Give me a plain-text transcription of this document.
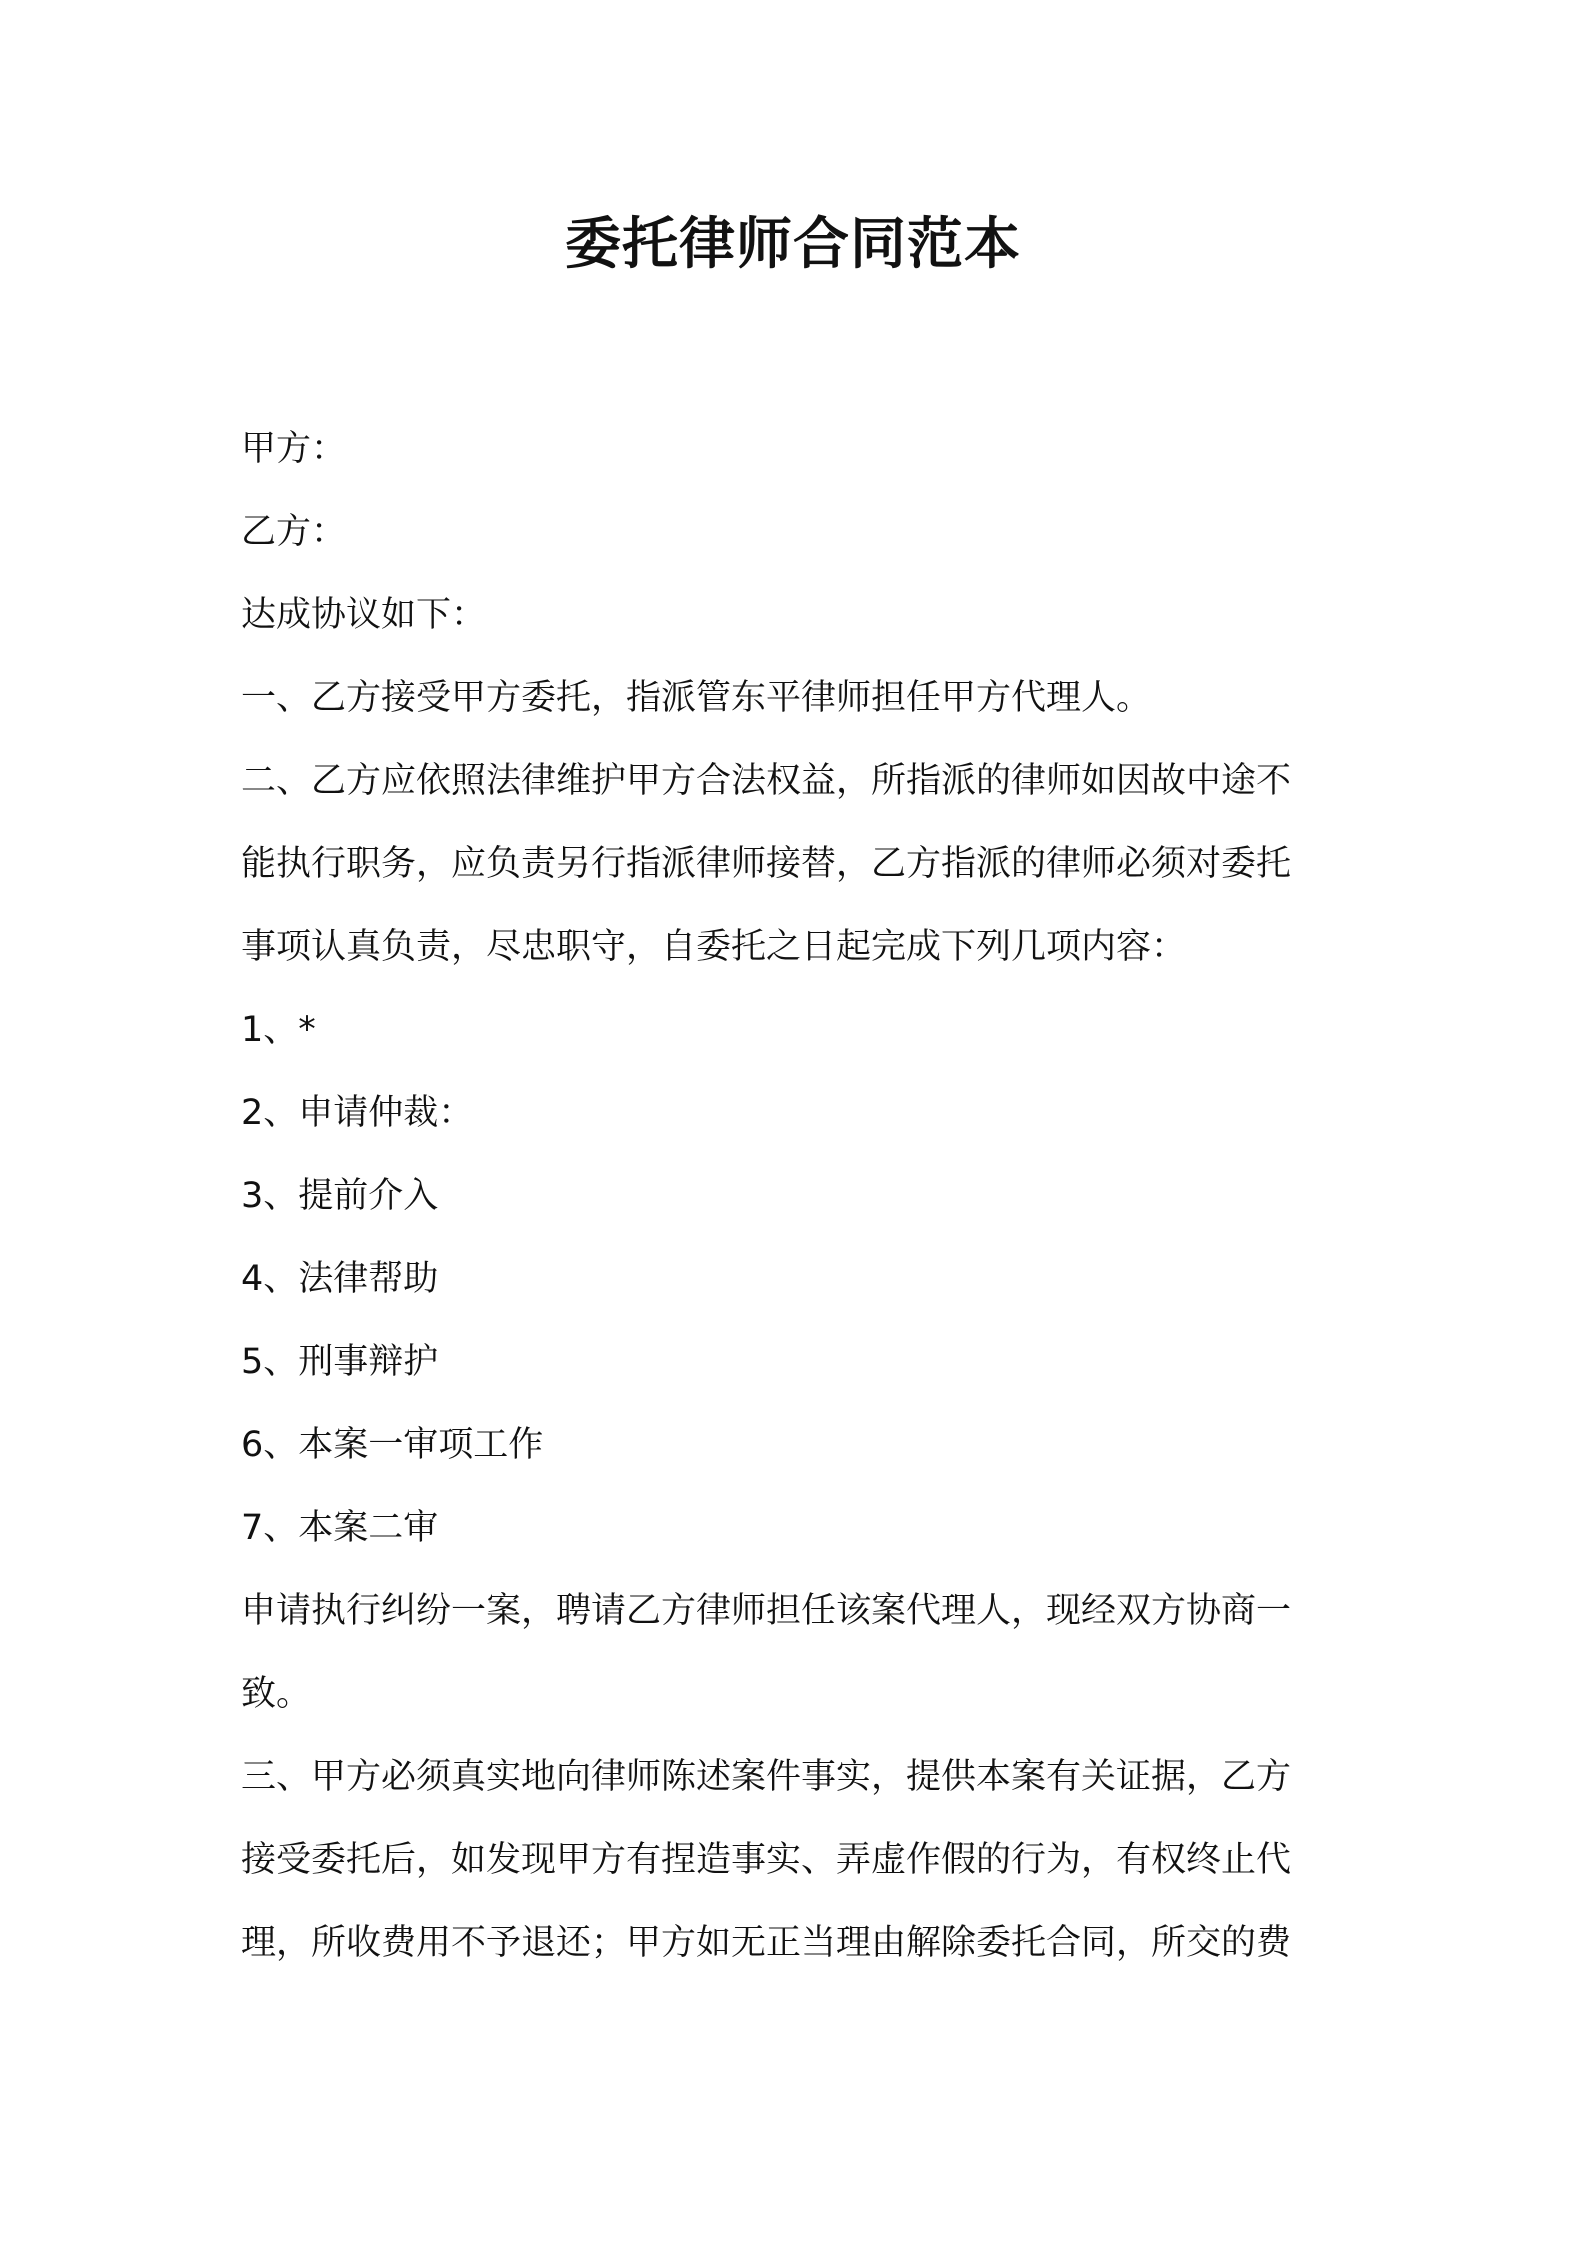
委托律师合同范本
甲方：
乙方：
达成协议如下：
一、乙方接受甲方委托，指派管东平律师担任甲方代理人。
二、乙方应依照法律维护甲方合法权益，所指派的律师如因故中途不
能执行职务，应负责另行指派律师接替，乙方指派的律师必须对委托
事项认真负责，尽忠职守，自委托之日起完成下列几项内容：
1、*
2、申请仲裁：
3、提前介入
4、法律帮助
5、刑事辩护
6、本案一审项工作
7、本案二审
申请执行纠纷一案，聘请乙方律师担任该案代理人，现经双方协商一
致。
三、甲方必须真实地向律师陈述案件事实，提供本案有关证据，乙方
接受委托后，如发现甲方有捏造事实、弄虚作假的行为，有权终止代
理，所收费用不予退还；甲方如无正当理由解除委托合同，所交的费
